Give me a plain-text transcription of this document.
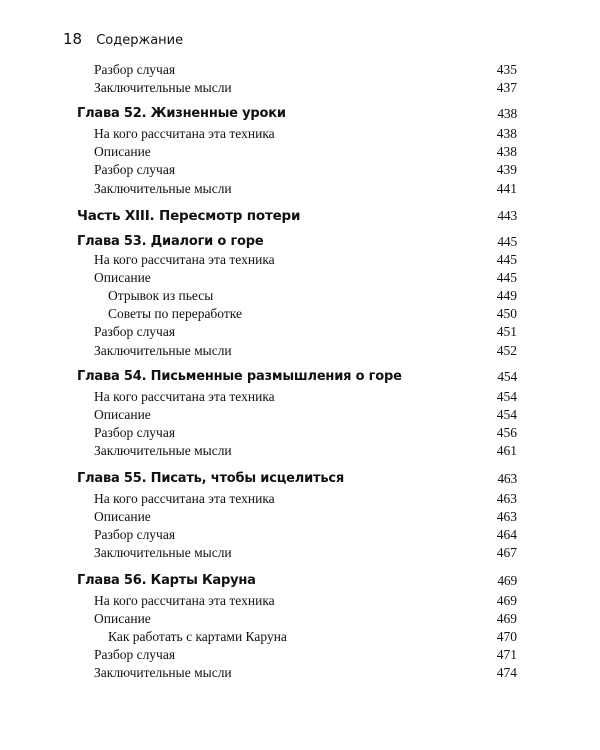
18 Содержание
Разбор случая	435
Заключительные мысли	437
Глава 52. Жизненные уроки	438
На кого рассчитана эта техника	438
Описание	438
Разбор случая	439
Заключительные мысли	441
Часть XIII. Пересмотр потери	443
Глава 53. Диалоги о горе	445
На кого рассчитана эта техника	445
Описание	445
Отрывок из пьесы	449
Советы по переработке	450
Разбор случая	451
Заключительные мысли	452
Глава 54. Письменные размышления о горе	454
На кого рассчитана эта техника	454
Описание	454
Разбор случая	456
Заключительные мысли	461
Глава 55. Писать, чтобы исцелиться	463
На кого рассчитана эта техника	463
Описание	463
Разбор случая	464
Заключительные мысли	467
Глава 56. Карты Каруна	469
На кого рассчитана эта техника	469
Описание	469
Как работать с картами Каруна	470
Разбор случая	471
Заключительные мысли	474
